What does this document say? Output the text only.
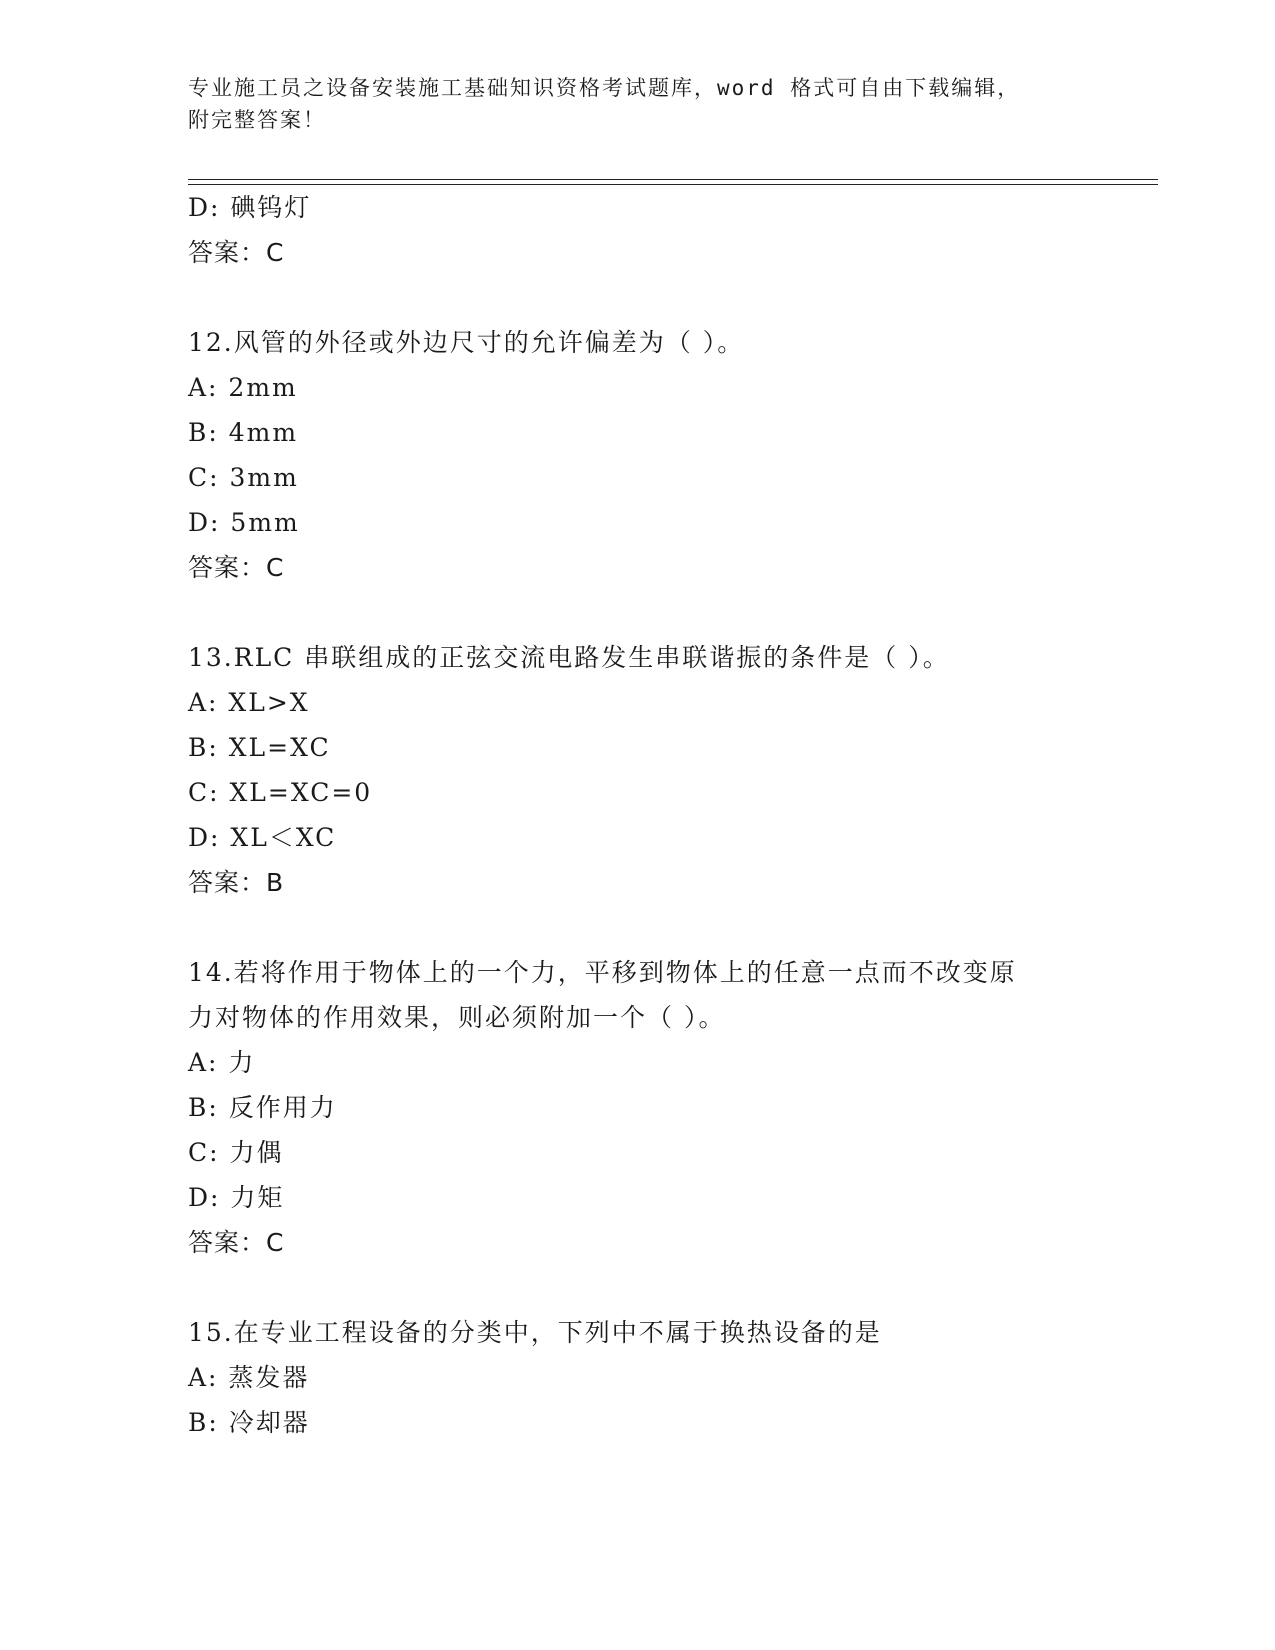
专业施工员之设备安装施工基础知识资格考试题库，word 格式可自由下载编辑，
附完整答案！
D: 碘钨灯
答案：C
12.风管的外径或外边尺寸的允许偏差为（ ）。
A: 2mm
B: 4mm
C: 3mm
D: 5mm
答案：C
13.RLC 串联组成的正弦交流电路发生串联谐振的条件是（ ）。
A: XL>X
B: XL=XC
C: XL=XC=0
D: XL＜XC
答案：B
14.若将作用于物体上的一个力，平移到物体上的任意一点而不改变原
力对物体的作用效果，则必须附加一个（ ）。
A: 力
B: 反作用力
C: 力偶
D: 力矩
答案：C
15.在专业工程设备的分类中，下列中不属于换热设备的是
A: 蒸发器
B: 冷却器
